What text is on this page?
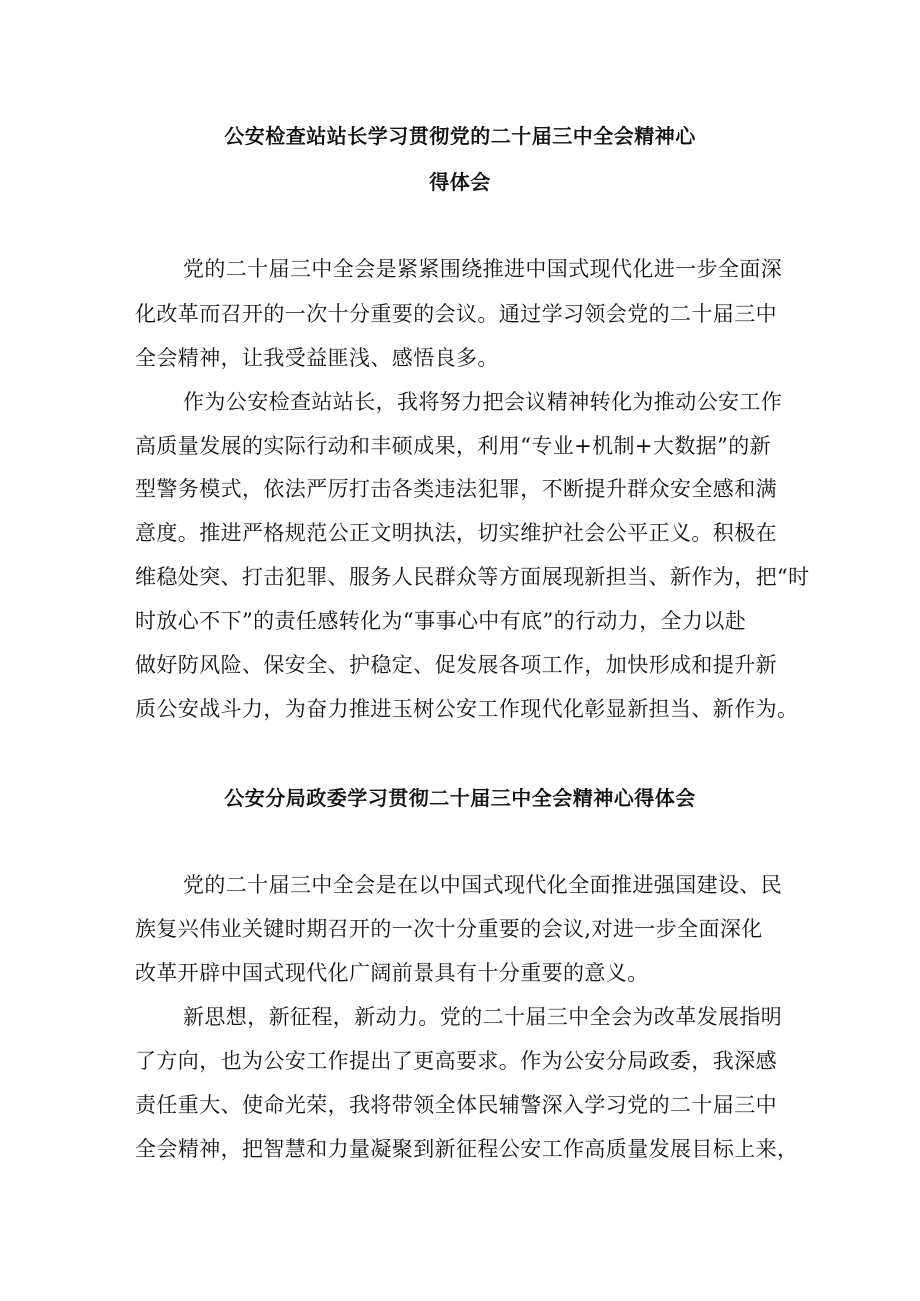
公安检查站站长学习贯彻党的二十届三中全会精神心
得体会
党的二十届三中全会是紧紧围绕推进中国式现代化进一步全面深
化改革而召开的一次十分重要的会议。通过学习领会党的二十届三中
全会精神，让我受益匪浅、感悟良多。
作为公安检查站站长，我将努力把会议精神转化为推动公安工作
高质量发展的实际行动和丰硕成果，利用“专业+机制+大数据”的新
型警务模式，依法严厉打击各类违法犯罪，不断提升群众安全感和满
意度。推进严格规范公正文明执法，切实维护社会公平正义。积极在
维稳处突、打击犯罪、服务人民群众等方面展现新担当、新作为，把“时
时放心不下”的责任感转化为“事事心中有底”的行动力，全力以赴
做好防风险、保安全、护稳定、促发展各项工作，加快形成和提升新
质公安战斗力，为奋力推进玉树公安工作现代化彰显新担当、新作为。
公安分局政委学习贯彻二十届三中全会精神心得体会
党的二十届三中全会是在以中国式现代化全面推进强国建设、民
族复兴伟业关键时期召开的一次十分重要的会议,对进一步全面深化
改革开辟中国式现代化广阔前景具有十分重要的意义。
新思想，新征程，新动力。党的二十届三中全会为改革发展指明
了方向，也为公安工作提出了更高要求。作为公安分局政委，我深感
责任重大、使命光荣，我将带领全体民辅警深入学习党的二十届三中
全会精神，把智慧和力量凝聚到新征程公安工作高质量发展目标上来，
